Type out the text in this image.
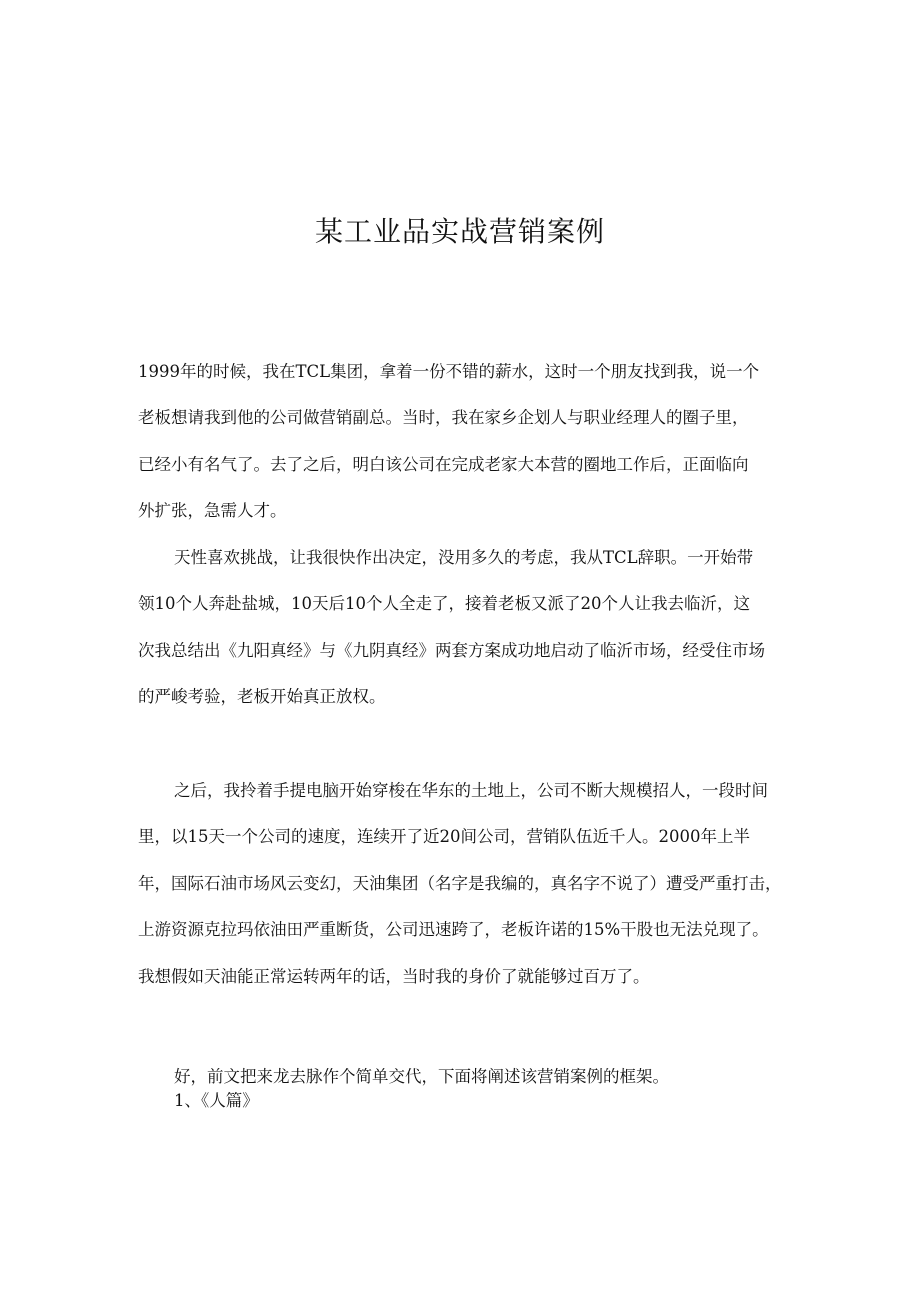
某工业品实战营销案例
1999年的时候，我在TCL集团，拿着一份不错的薪水，这时一个朋友找到我，说一个
老板想请我到他的公司做营销副总。当时，我在家乡企划人与职业经理人的圈子里，
已经小有名气了。去了之后，明白该公司在完成老家大本营的圈地工作后，正面临向
外扩张，急需人才。
天性喜欢挑战，让我很快作出决定，没用多久的考虑，我从TCL辞职。一开始带
领10个人奔赴盐城，10天后10个人全走了，接着老板又派了20个人让我去临沂，这
次我总结出《九阳真经》与《九阴真经》两套方案成功地启动了临沂市场，经受住市场
的严峻考验，老板开始真正放权。
之后，我拎着手提电脑开始穿梭在华东的土地上，公司不断大规模招人，一段时间
里，以15天一个公司的速度，连续开了近20间公司，营销队伍近千人。2000年上半
年，国际石油市场风云变幻，天油集团（名字是我编的，真名字不说了）遭受严重打击，
上游资源克拉玛依油田严重断货，公司迅速跨了，老板许诺的15%干股也无法兑现了。
我想假如天油能正常运转两年的话，当时我的身价了就能够过百万了。
好，前文把来龙去脉作个简单交代，下面将阐述该营销案例的框架。
1、《人篇》
